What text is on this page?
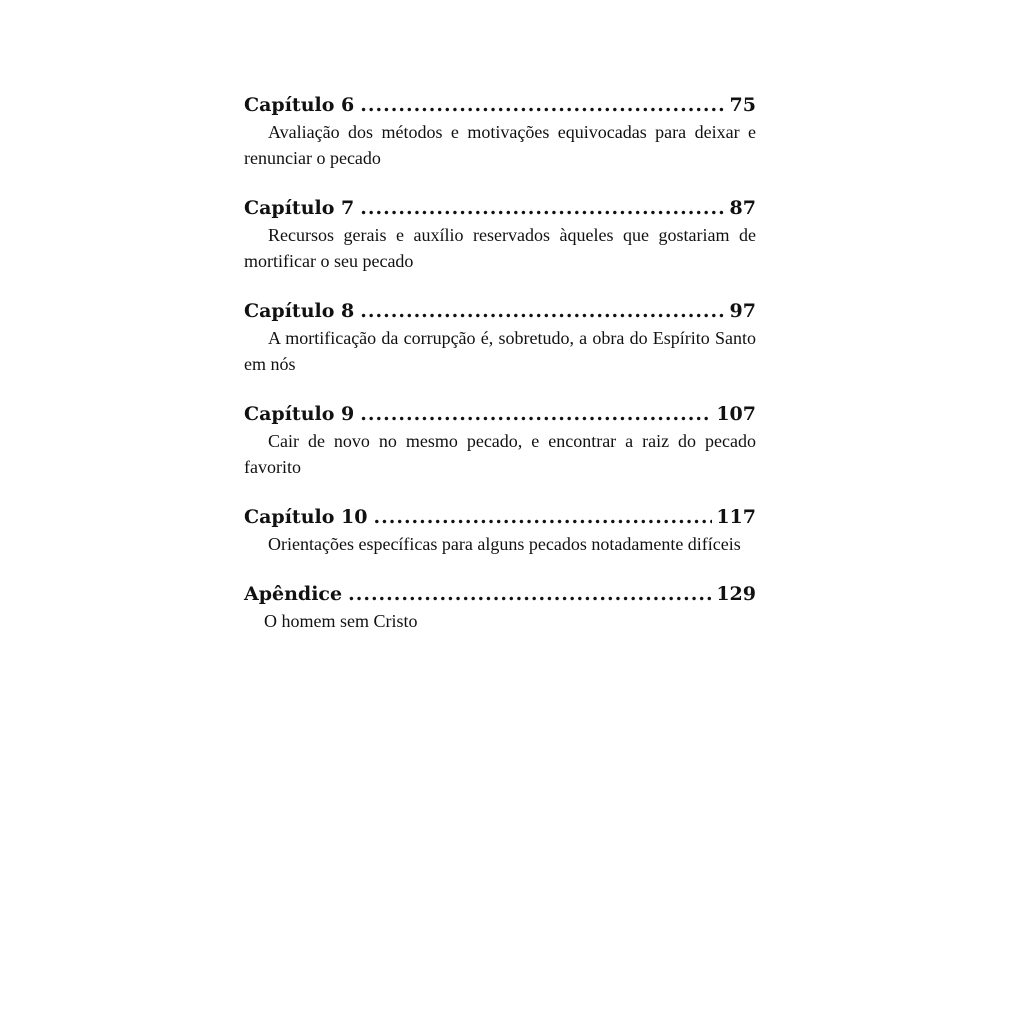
Capítulo 6 .....	75

Avaliação dos métodos e motivações equivocadas para deixar e renunciar o pecado

Capítulo 7 .....	87

Recursos gerais e auxílio reservados àqueles que gostariam de mortificar o seu pecado

Capítulo 8 .....	97

A mortificação da corrupção é, sobretudo, a obra do Espírito Santo em nós

Capítulo 9 .....	107

Cair de novo no mesmo pecado, e encontrar a raiz do pecado favorito

Capítulo 10 .....	117

Orientações específicas para alguns pecados notadamente difíceis

Apêndice .....	129

O homem sem Cristo
